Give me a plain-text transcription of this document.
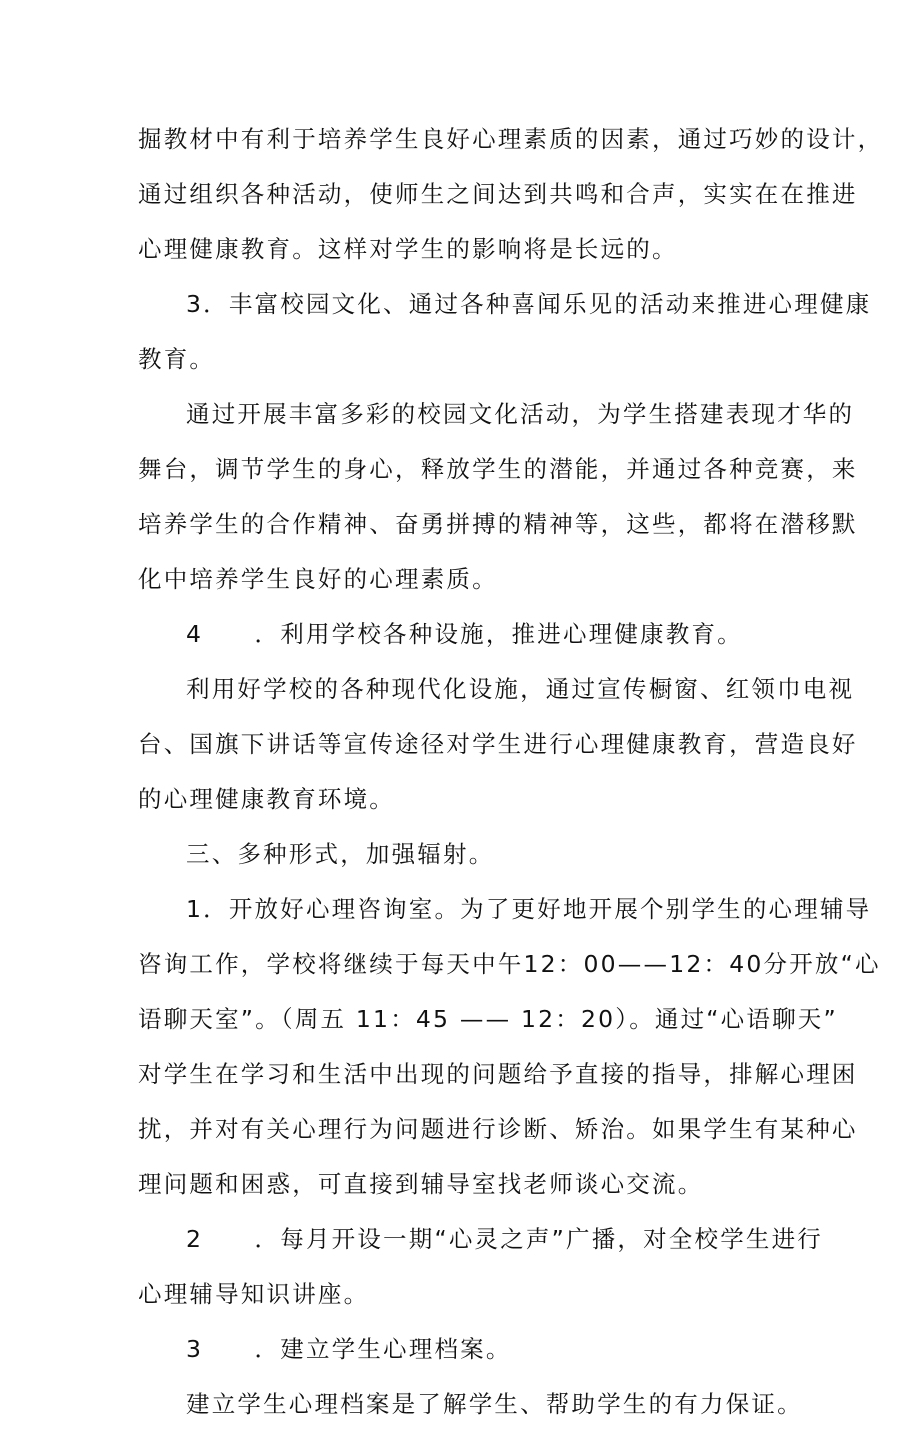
掘教材中有利于培养学生良好心理素质的因素，通过巧妙的设计，
通过组织各种活动，使师生之间达到共鸣和合声，实实在在推进
心理健康教育。这样对学生的影响将是长远的。
3．丰富校园文化、通过各种喜闻乐见的活动来推进心理健康
教育。
通过开展丰富多彩的校园文化活动，为学生搭建表现才华的
舞台，调节学生的身心，释放学生的潜能，并通过各种竞赛，来
培养学生的合作精神、奋勇拼搏的精神等，这些，都将在潜移默
化中培养学生良好的心理素质。
4　　．利用学校各种设施，推进心理健康教育。
利用好学校的各种现代化设施，通过宣传橱窗、红领巾电视
台、国旗下讲话等宣传途径对学生进行心理健康教育，营造良好
的心理健康教育环境。
三、多种形式，加强辐射。
1．开放好心理咨询室。为了更好地开展个别学生的心理辅导
咨询工作，学校将继续于每天中午12：00——12：40分开放“心
语聊天室”。（周五 11：45 —— 12：20）。通过“心语聊天”
对学生在学习和生活中出现的问题给予直接的指导，排解心理困
扰，并对有关心理行为问题进行诊断、矫治。如果学生有某种心
理问题和困惑，可直接到辅导室找老师谈心交流。
2　　．每月开设一期“心灵之声”广播，对全校学生进行
心理辅导知识讲座。
3　　．建立学生心理档案。
建立学生心理档案是了解学生、帮助学生的有力保证。
